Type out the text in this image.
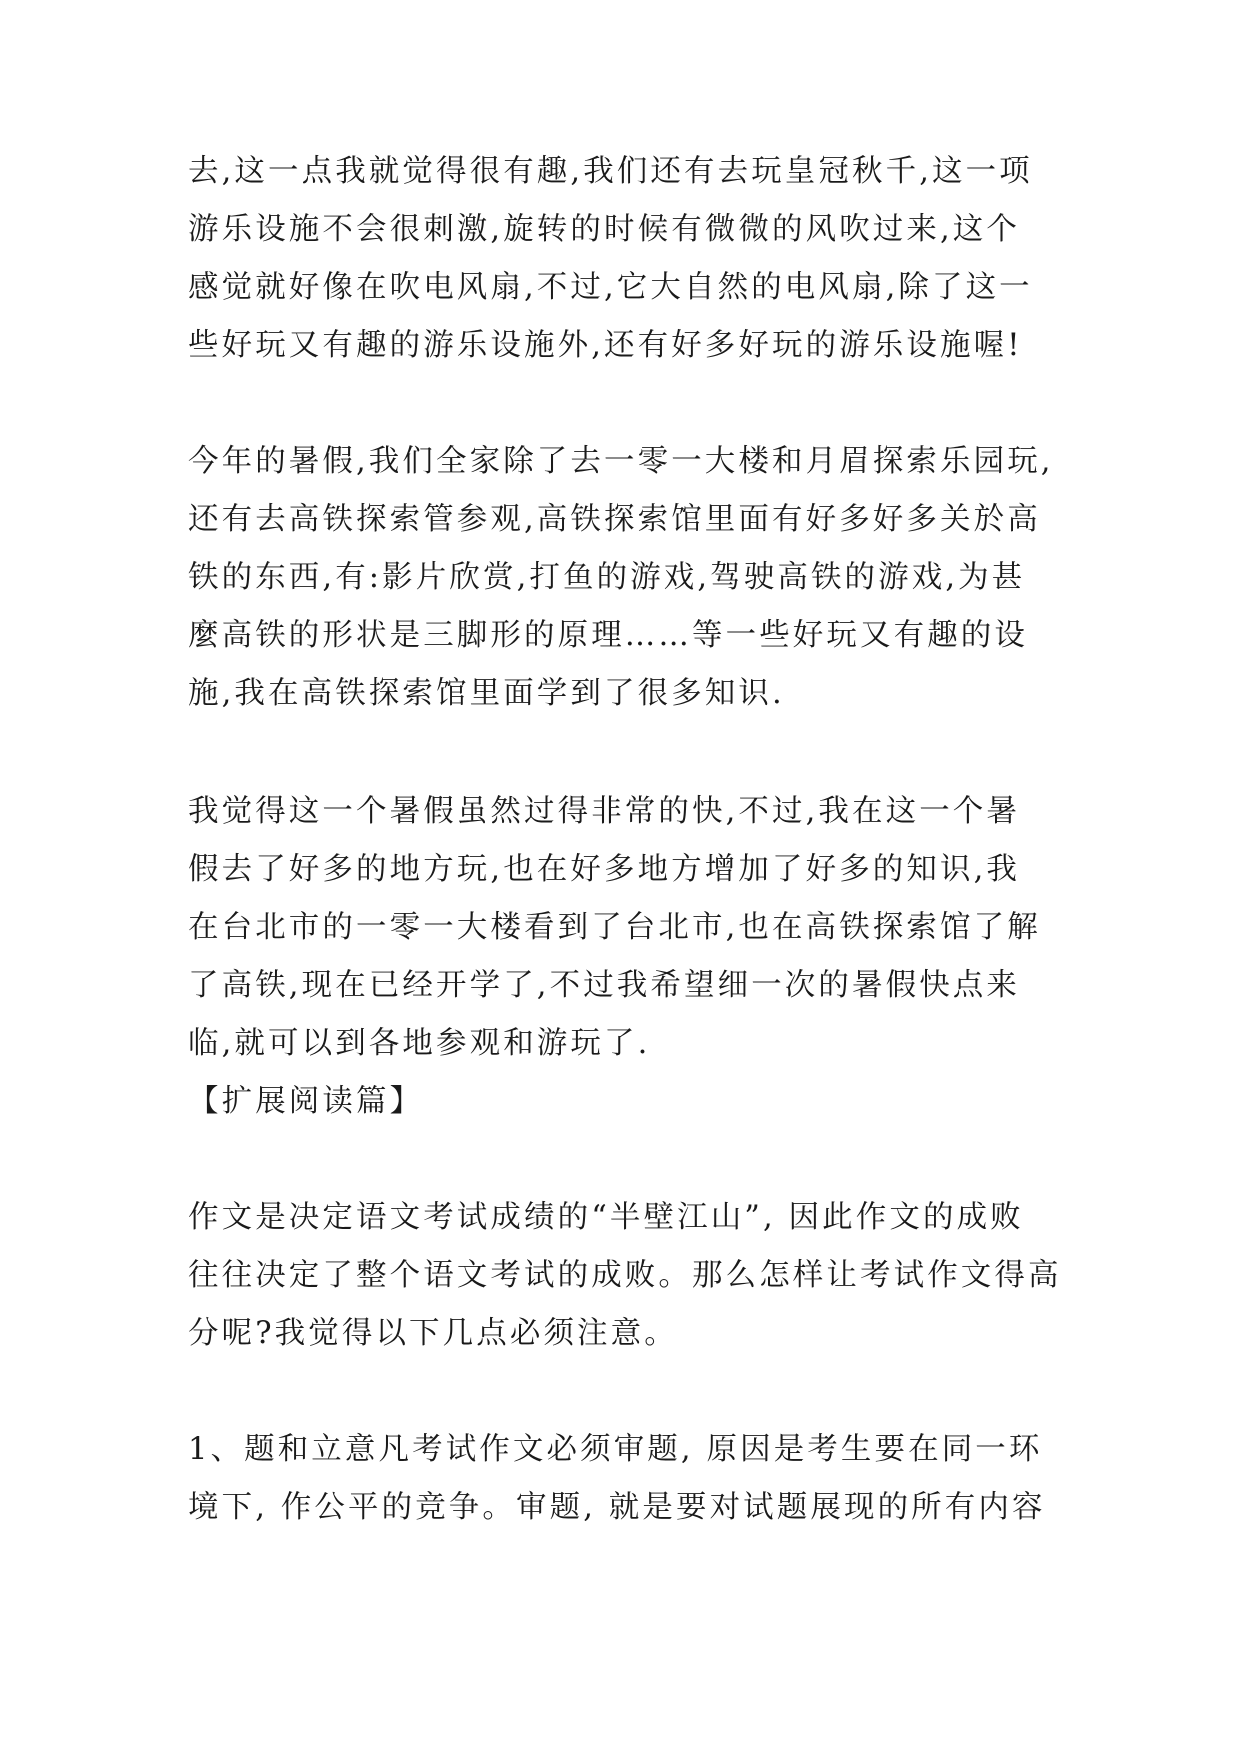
去,这一点我就觉得很有趣,我们还有去玩皇冠秋千,这一项
游乐设施不会很刺激,旋转的时候有微微的风吹过来,这个
感觉就好像在吹电风扇,不过,它大自然的电风扇,除了这一
些好玩又有趣的游乐设施外,还有好多好玩的游乐设施喔!
今年的暑假,我们全家除了去一零一大楼和月眉探索乐园玩,
还有去高铁探索管参观,高铁探索馆里面有好多好多关於高
铁的东西,有:影片欣赏,打鱼的游戏,驾驶高铁的游戏,为甚
麼高铁的形状是三脚形的原理……等一些好玩又有趣的设
施,我在高铁探索馆里面学到了很多知识.
我觉得这一个暑假虽然过得非常的快,不过,我在这一个暑
假去了好多的地方玩,也在好多地方增加了好多的知识,我
在台北市的一零一大楼看到了台北市,也在高铁探索馆了解
了高铁,现在已经开学了,不过我希望细一次的暑假快点来
临,就可以到各地参观和游玩了.
【扩展阅读篇】
作文是决定语文考试成绩的“半壁江山”, 因此作文的成败
往往决定了整个语文考试的成败。那么怎样让考试作文得高
分呢?我觉得以下几点必须注意。
1、题和立意凡考试作文必须审题, 原因是考生要在同一环
境下, 作公平的竞争。审题, 就是要对试题展现的所有内容
